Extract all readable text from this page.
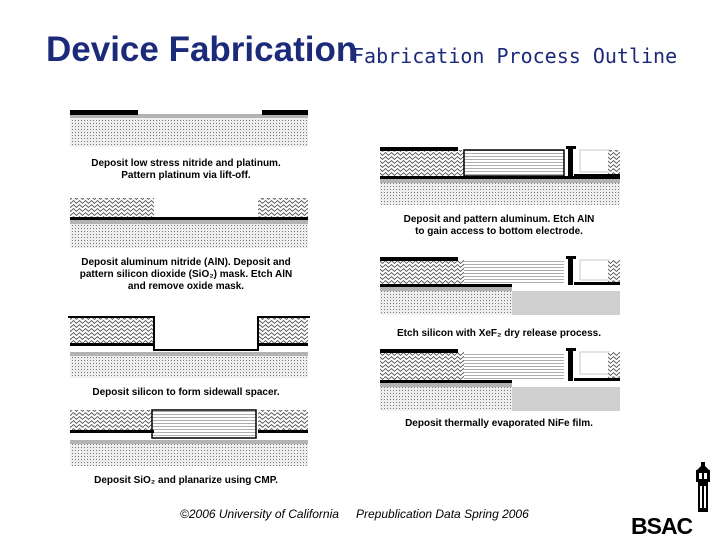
Device Fabrication
Fabrication Process Outline
Deposit low stress nitride and platinum.
Pattern platinum via lift-off.
Deposit aluminum nitride (AlN). Deposit and
pattern silicon dioxide (SiO₂) mask. Etch AlN
and remove oxide mask.
Deposit silicon to form sidewall spacer.
Deposit SiO₂ and planarize using CMP.
Deposit and pattern aluminum. Etch AlN
to gain access to bottom electrode.
Etch silicon with XeF₂ dry release process.
Deposit thermally evaporated NiFe film.
©2006 University of California Prepublication Data Spring 2006	BSAC
